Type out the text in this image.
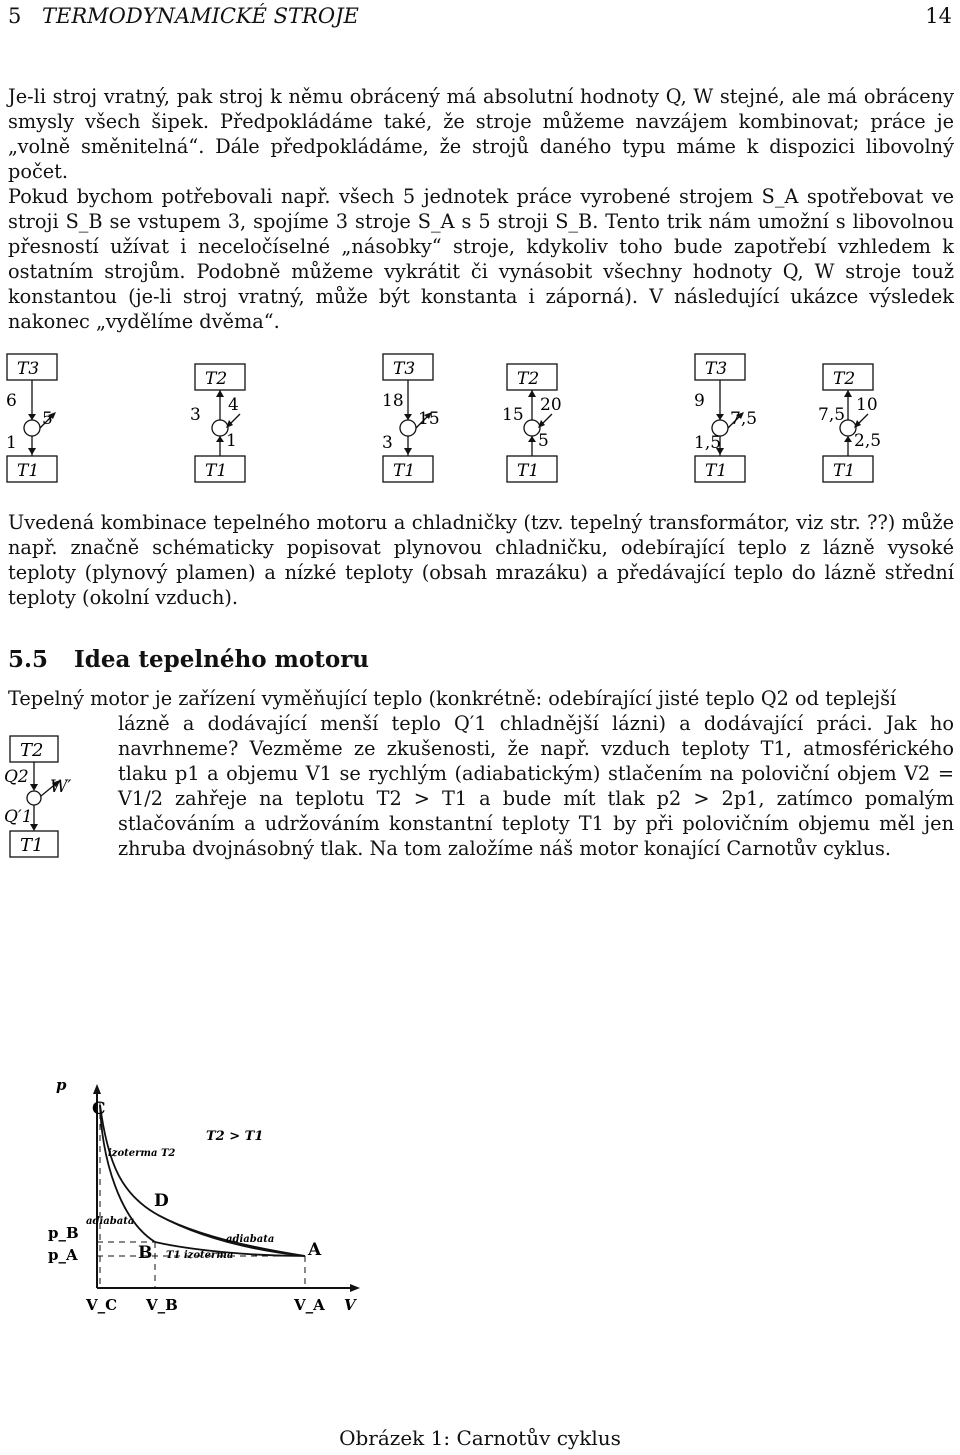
5 TERMODYNAMICKÉ STROJE	14

Je-li stroj vratný, pak stroj k němu obrácený má absolutní hodnoty Q, W stejné, ale má obráceny smysly všech šipek. Předpokládáme také, že stroje můžeme navzájem kombinovat; práce je „volně směnitelná“. Dále předpokládáme, že strojů daného typu máme k dispozici libovolný počet.

Pokud bychom potřebovali např. všech 5 jednotek práce vyrobené strojem S_A spotřebovat ve stroji S_B se vstupem 3, spojíme 3 stroje S_A s 5 stroji S_B. Tento trik nám umožní s libovolnou přesností užívat i neceločíselné „násobky“ stroje, kdykoliv toho bude zapotřebí vzhledem k ostatním strojům. Podobně můžeme vykrátit či vynásobit všechny hodnoty Q, W stroje touž konstantou (je-li stroj vratný, může být konstanta i záporná). V následující ukázce výsledek nakonec „vydělíme dvěma“.

T3
T1
6
5
1
T2
T1
3 4
1
T3
T1
18
15
3
T2
T1
15 20
5
T3
T1
9
7,5
1,5
T2
T1
7,5 10
2,5

Uvedená kombinace tepelného motoru a chladničky (tzv. tepelný transformátor, viz str. ??) může např. značně schématicky popisovat plynovou chladničku, odebírající teplo z lázně vysoké teploty (plynový plamen) a nízké teploty (obsah mrazáku) a předávající teplo do lázně střední teploty (okolní vzduch).

5.5 Idea tepelného motoru

Tepelný motor je zařízení vyměňující teplo (konkrétně: odebírající jisté teplo Q2 od teplejší

lázně a dodávající menší teplo Q′1 chladnější lázni) a dodávající práci. Jak ho navrhneme? Vezměme ze zkušenosti, že např. vzduch teploty T1, atmosférického tlaku p1 a objemu V1 se rychlým (adiabatickým) stlačením na poloviční objem V2 = V1/2 zahřeje na teplotu T2 > T1 a bude mít tlak p2 > 2p1, zatímco pomalým stlačováním a udržováním konstantní teploty T1 by při polovičním objemu měl jen zhruba dvojnásobný tlak. Na tom založíme náš motor konající Carnotův cyklus.

T2
T1
Q2 W′
Q′1
p
V
V_C V_B	V_A
p_B
p_A
C
D
B	A
T2 > T1
izoterma T2
adiabata
adiabata
T1 izoterma
Obrázek 1: Carnotův cyklus
